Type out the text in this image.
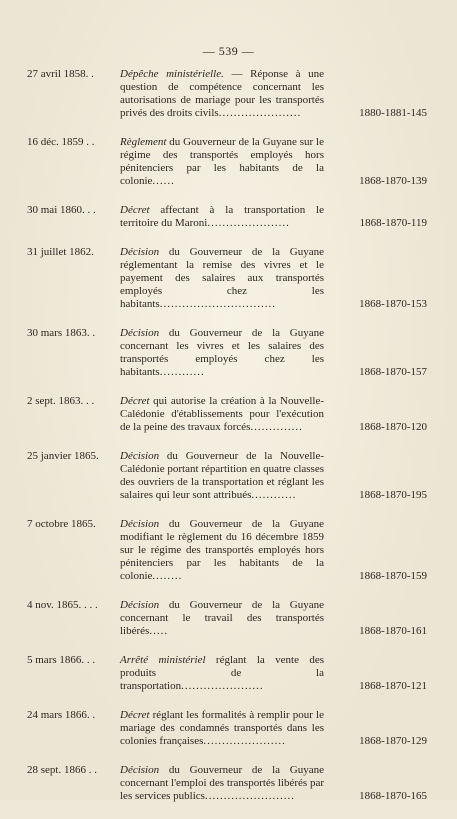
— 539 —
27 avril 1858. .	Dépêche ministérielle. — Réponse à une question de compétence concernant les autorisations de mariage pour les transportés privés des droits civils......................	1880-1881-145
16 déc. 1859 . .	Règlement du Gouverneur de la Guyane sur le régime des transportés employés hors pénitenciers par les habitants de la colonie......	1868-1870-139
30 mai 1860. . .	Décret affectant à la transportation le territoire du Maroni......................	1868-1870-119
31 juillet 1862.	Décision du Gouverneur de la Guyane réglementant la remise des vivres et le payement des salaires aux transportés employés chez les habitants...............................	1868-1870-153
30 mars 1863. .	Décision du Gouverneur de la Guyane concernant les vivres et les salaires des transportés employés chez les habitants............	1868-1870-157
2 sept. 1863. . .	Décret qui autorise la création à la Nouvelle-Calédonie d'établissements pour l'exécution de la peine des travaux forcés..............	1868-1870-120
25 janvier 1865.	Décision du Gouverneur de la Nouvelle-Calédonie portant répartition en quatre classes des ouvriers de la transportation et réglant les salaires qui leur sont attribués............	1868-1870-195
7 octobre 1865.	Décision du Gouverneur de la Guyane modifiant le règlement du 16 décembre 1859 sur le régime des transportés employés hors pénitenciers par les habitants de la colonie........	1868-1870-159
4 nov. 1865. . . .	Décision du Gouverneur de la Guyane concernant le travail des transportés libérés.....	1868-1870-161
5 mars 1866. . .	Arrêté ministériel réglant la vente des produits de la transportation......................	1868-1870-121
24 mars 1866. .	Décret réglant les formalités à remplir pour le mariage des condamnés transportés dans les colonies françaises......................	1868-1870-129
28 sept. 1866 . .	Décision du Gouverneur de la Guyane concernant l'emploi des transportés libérés par les services publics........................	1868-1870-165
